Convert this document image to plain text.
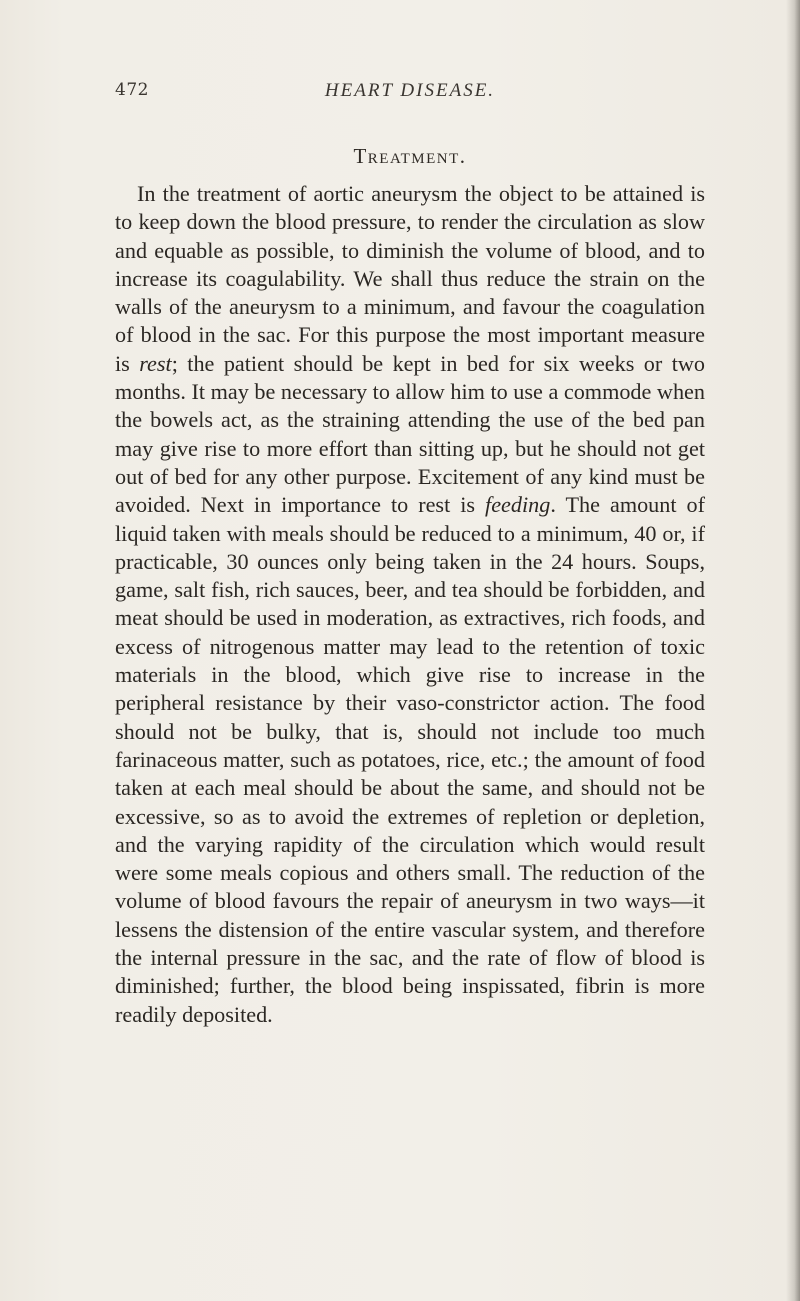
472	HEART DISEASE.
Treatment.

In the treatment of aortic aneurysm the object to be attained is to keep down the blood pressure, to render the circulation as slow and equable as possible, to diminish the volume of blood, and to increase its coagulability. We shall thus reduce the strain on the walls of the aneurysm to a minimum, and favour the coagulation of blood in the sac. For this purpose the most important measure is rest; the patient should be kept in bed for six weeks or two months. It may be necessary to allow him to use a commode when the bowels act, as the straining attending the use of the bed pan may give rise to more effort than sitting up, but he should not get out of bed for any other purpose. Excitement of any kind must be avoided. Next in importance to rest is feeding. The amount of liquid taken with meals should be reduced to a minimum, 40 or, if practicable, 30 ounces only being taken in the 24 hours. Soups, game, salt fish, rich sauces, beer, and tea should be forbidden, and meat should be used in moderation, as extractives, rich foods, and excess of nitrogenous matter may lead to the retention of toxic materials in the blood, which give rise to increase in the peripheral resistance by their vaso-constrictor action. The food should not be bulky, that is, should not include too much farinaceous matter, such as potatoes, rice, etc.; the amount of food taken at each meal should be about the same, and should not be excessive, so as to avoid the extremes of repletion or depletion, and the varying rapidity of the circulation which would result were some meals copious and others small. The reduction of the volume of blood favours the repair of aneurysm in two ways—it lessens the distension of the entire vascular system, and therefore the internal pressure in the sac, and the rate of flow of blood is diminished; further, the blood being inspissated, fibrin is more readily deposited.
